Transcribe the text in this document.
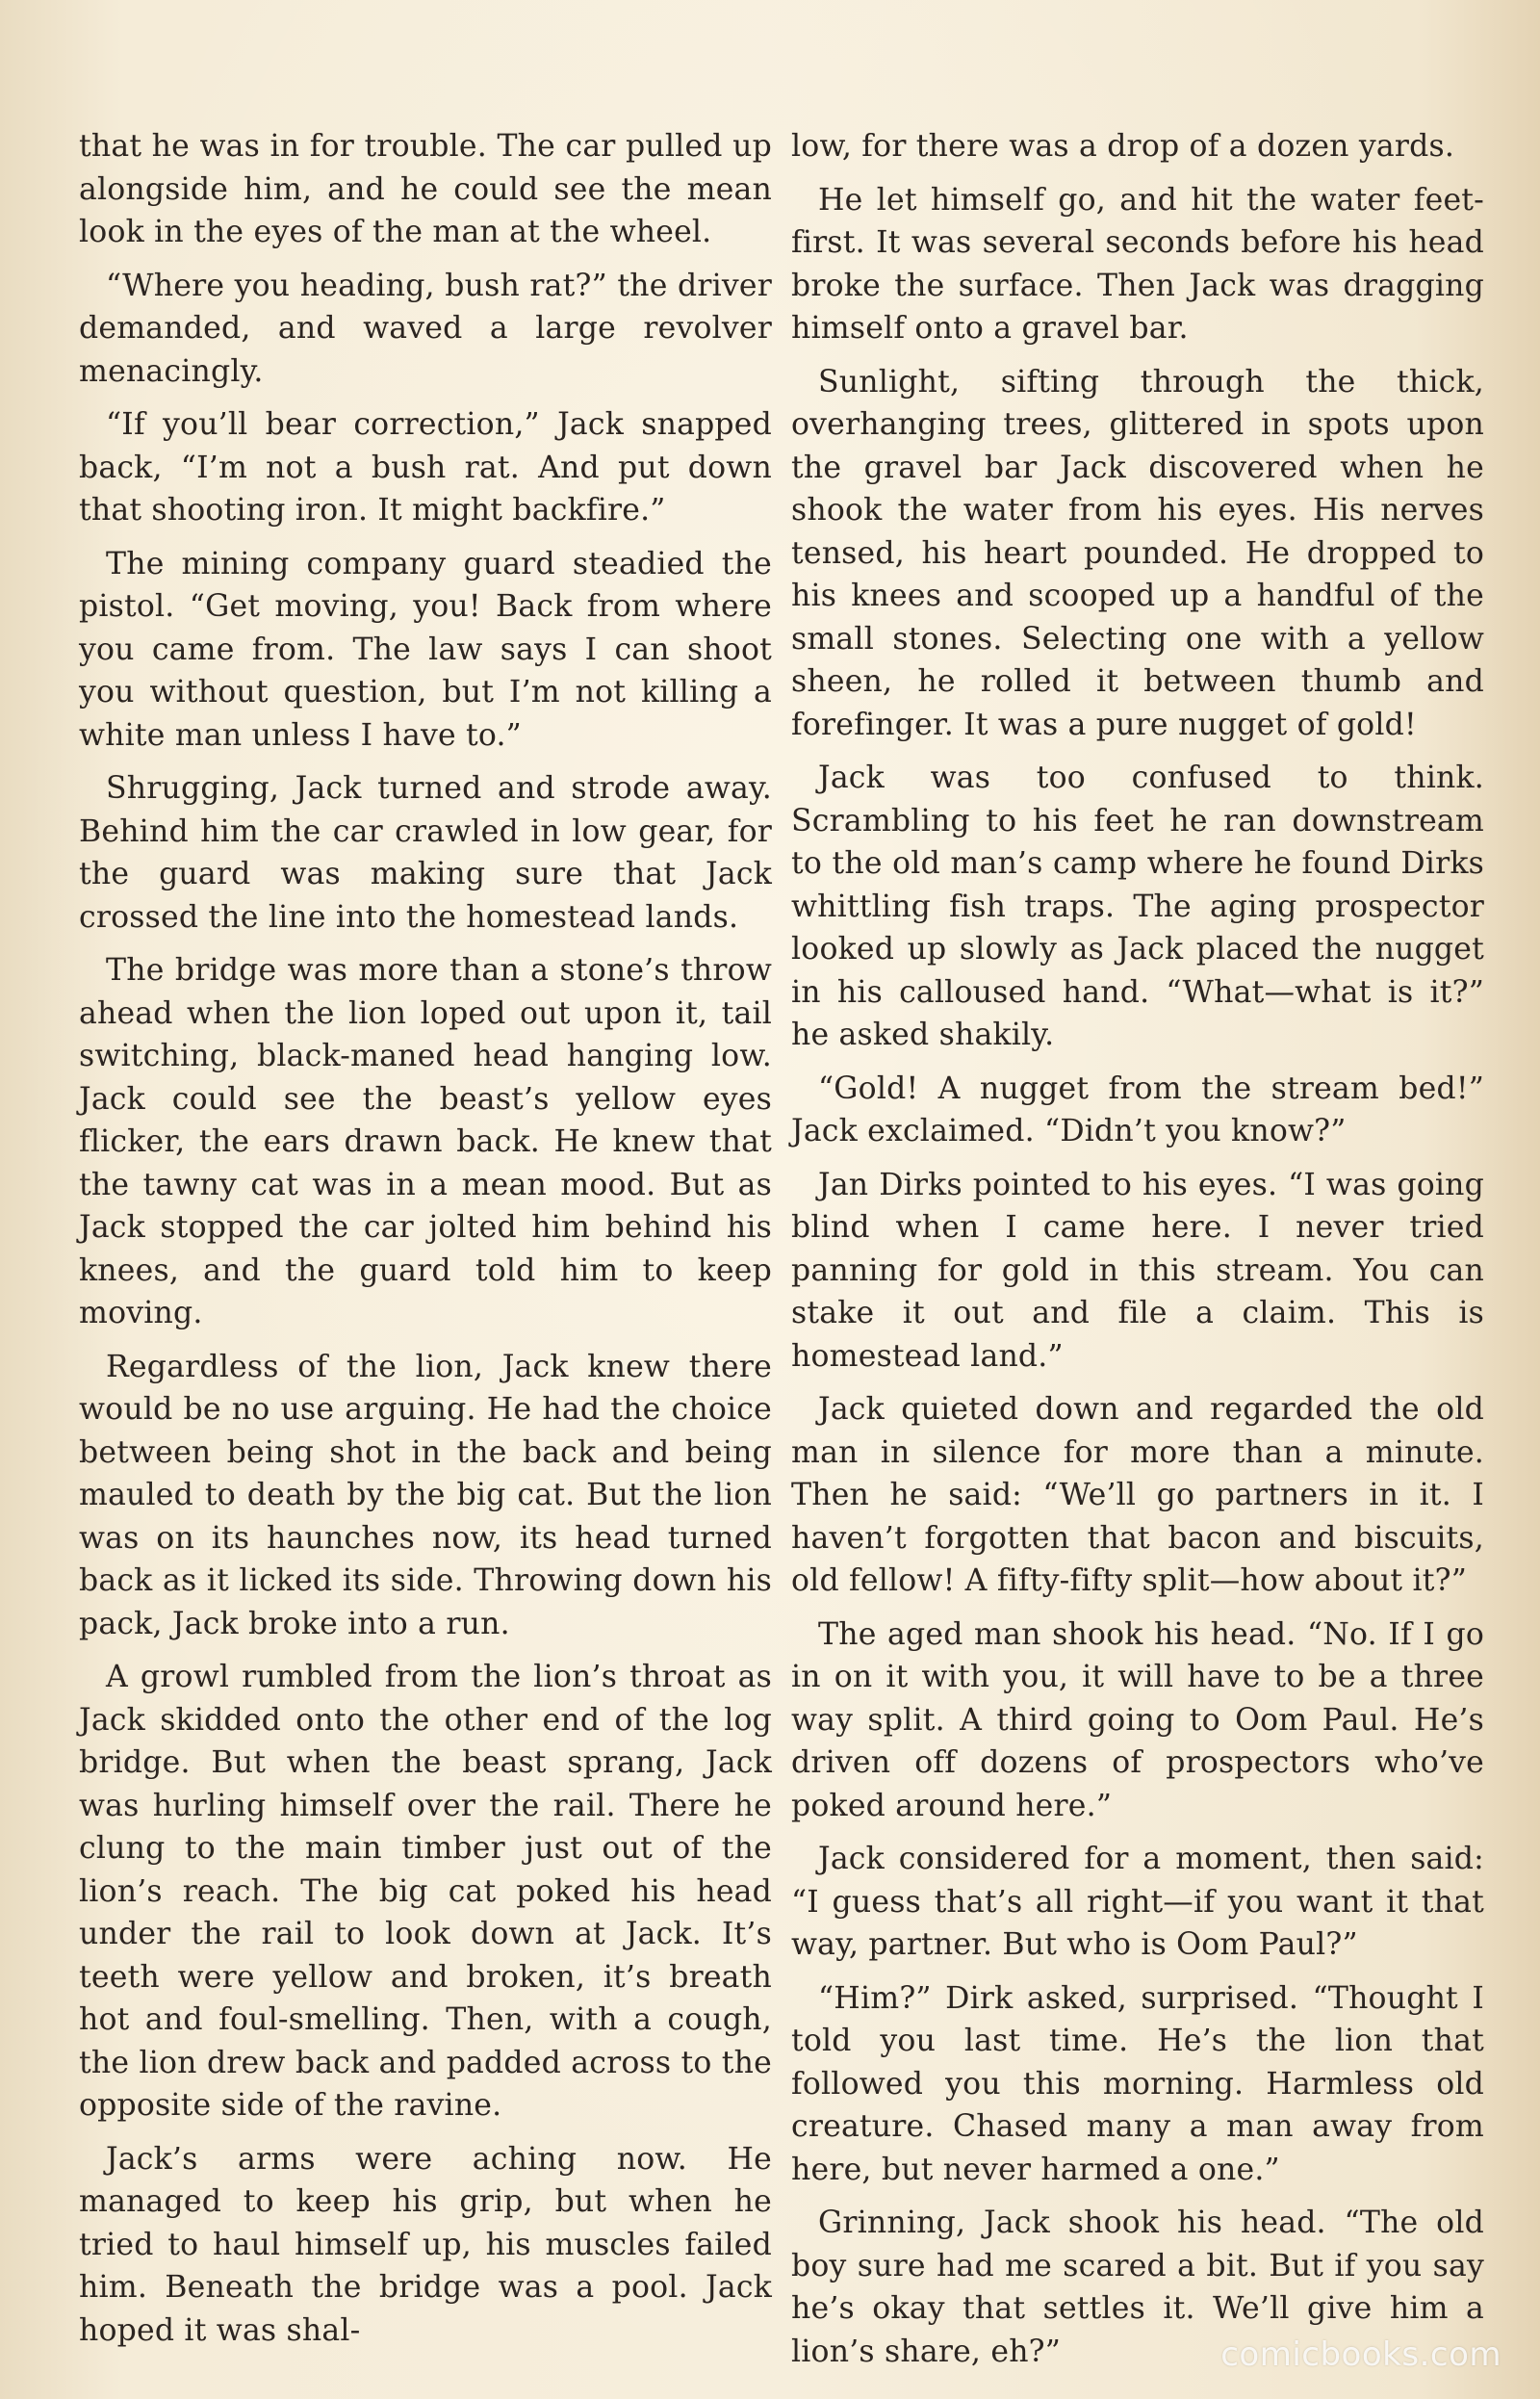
that he was in for trouble. The car pulled up alongside him, and he could see the mean look in the eyes of the man at the wheel.

“Where you heading, bush rat?” the driver demanded, and waved a large revolver menacingly.

“If you’ll bear correction,” Jack snapped back, “I’m not a bush rat. And put down that shooting iron. It might backfire.”

The mining company guard steadied the pistol. “Get moving, you! Back from where you came from. The law says I can shoot you without question, but I’m not killing a white man unless I have to.”

Shrugging, Jack turned and strode away. Behind him the car crawled in low gear, for the guard was making sure that Jack crossed the line into the homestead lands.

The bridge was more than a stone’s throw ahead when the lion loped out upon it, tail switching, black-maned head hanging low. Jack could see the beast’s yellow eyes flicker, the ears drawn back. He knew that the tawny cat was in a mean mood. But as Jack stopped the car jolted him behind his knees, and the guard told him to keep moving.

Regardless of the lion, Jack knew there would be no use arguing. He had the choice between being shot in the back and being mauled to death by the big cat. But the lion was on its haunches now, its head turned back as it licked its side. Throwing down his pack, Jack broke into a run.

A growl rumbled from the lion’s throat as Jack skidded onto the other end of the log bridge. But when the beast sprang, Jack was hurling himself over the rail. There he clung to the main timber just out of the lion’s reach. The big cat poked his head under the rail to look down at Jack. It’s teeth were yellow and broken, it’s breath hot and foul-smelling. Then, with a cough, the lion drew back and padded across to the opposite side of the ravine.

Jack’s arms were aching now. He managed to keep his grip, but when he tried to haul himself up, his muscles failed him. Beneath the bridge was a pool. Jack hoped it was shal-

low, for there was a drop of a dozen yards.

He let himself go, and hit the water feet-first. It was several seconds before his head broke the surface. Then Jack was dragging himself onto a gravel bar.

Sunlight, sifting through the thick, overhanging trees, glittered in spots upon the gravel bar Jack discovered when he shook the water from his eyes. His nerves tensed, his heart pounded. He dropped to his knees and scooped up a handful of the small stones. Selecting one with a yellow sheen, he rolled it between thumb and forefinger. It was a pure nugget of gold!

Jack was too confused to think. Scrambling to his feet he ran downstream to the old man’s camp where he found Dirks whittling fish traps. The aging prospector looked up slowly as Jack placed the nugget in his calloused hand. “What—what is it?” he asked shakily.

“Gold! A nugget from the stream bed!” Jack exclaimed. “Didn’t you know?”

Jan Dirks pointed to his eyes. “I was going blind when I came here. I never tried panning for gold in this stream. You can stake it out and file a claim. This is homestead land.”

Jack quieted down and regarded the old man in silence for more than a minute. Then he said: “We’ll go partners in it. I haven’t forgotten that bacon and biscuits, old fellow! A fifty-fifty split—how about it?”

The aged man shook his head. “No. If I go in on it with you, it will have to be a three way split. A third going to Oom Paul. He’s driven off dozens of prospectors who’ve poked around here.”

Jack considered for a moment, then said: “I guess that’s all right—if you want it that way, partner. But who is Oom Paul?”

“Him?” Dirk asked, surprised. “Thought I told you last time. He’s the lion that followed you this morning. Harmless old creature. Chased many a man away from here, but never harmed a one.”

Grinning, Jack shook his head. “The old boy sure had me scared a bit. But if you say he’s okay that settles it. We’ll give him a lion’s share, eh?”	comicbooks.com
